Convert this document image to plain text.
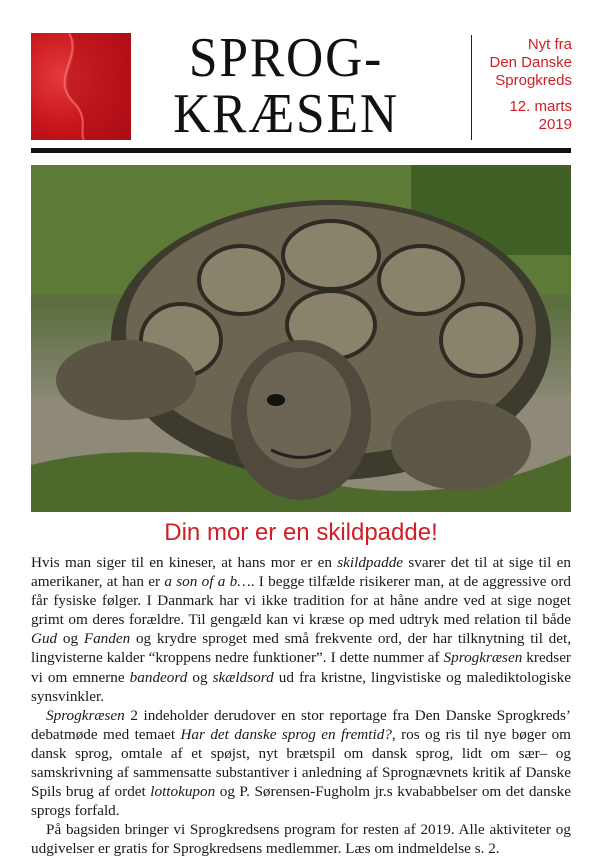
SPROG-
KRÆSEN
Nyt fra
Den Danske
Sprogkreds
12. marts
2019
Din mor er en skildpadde!

Hvis man siger til en kineser, at hans mor er en skildpadde svarer det til at sige til en amerikaner, at han er a son of a b…. I begge tilfælde risikerer man, at de aggressive ord får fysiske følger. I Danmark har vi ikke tradition for at håne andre ved at sige noget grimt om deres forældre. Til gengæld kan vi kræse op med udtryk med relation til både Gud og Fanden og krydre sproget med små frekvente ord, der har tilknytning til det, lingvisterne kalder “kroppens nedre funktioner”. I dette nummer af Sprogkræsen kredser vi om emnerne bandeord og skældsord ud fra kristne, lingvistiske og malediktologiske synsvinkler.

Sprogkræsen 2 indeholder derudover en stor reportage fra Den Danske Sprogkreds’ debatmøde med temaet Har det danske sprog en fremtid?, ros og ris til nye bøger om dansk sprog, omtale af et spøjst, nyt brætspil om dansk sprog, lidt om sær– og samskrivning af sammensatte substantiver i anledning af Sprognævnets kritik af Danske Spils brug af ordet lottokupon og P. Sørensen-Fugholm jr.s kvababbelser om det danske sprogs forfald.

På bagsiden bringer vi Sprogkredsens program for resten af 2019. Alle aktiviteter og udgivelser er gratis for Sprogkredsens medlemmer. Læs om indmeldelse s. 2.
